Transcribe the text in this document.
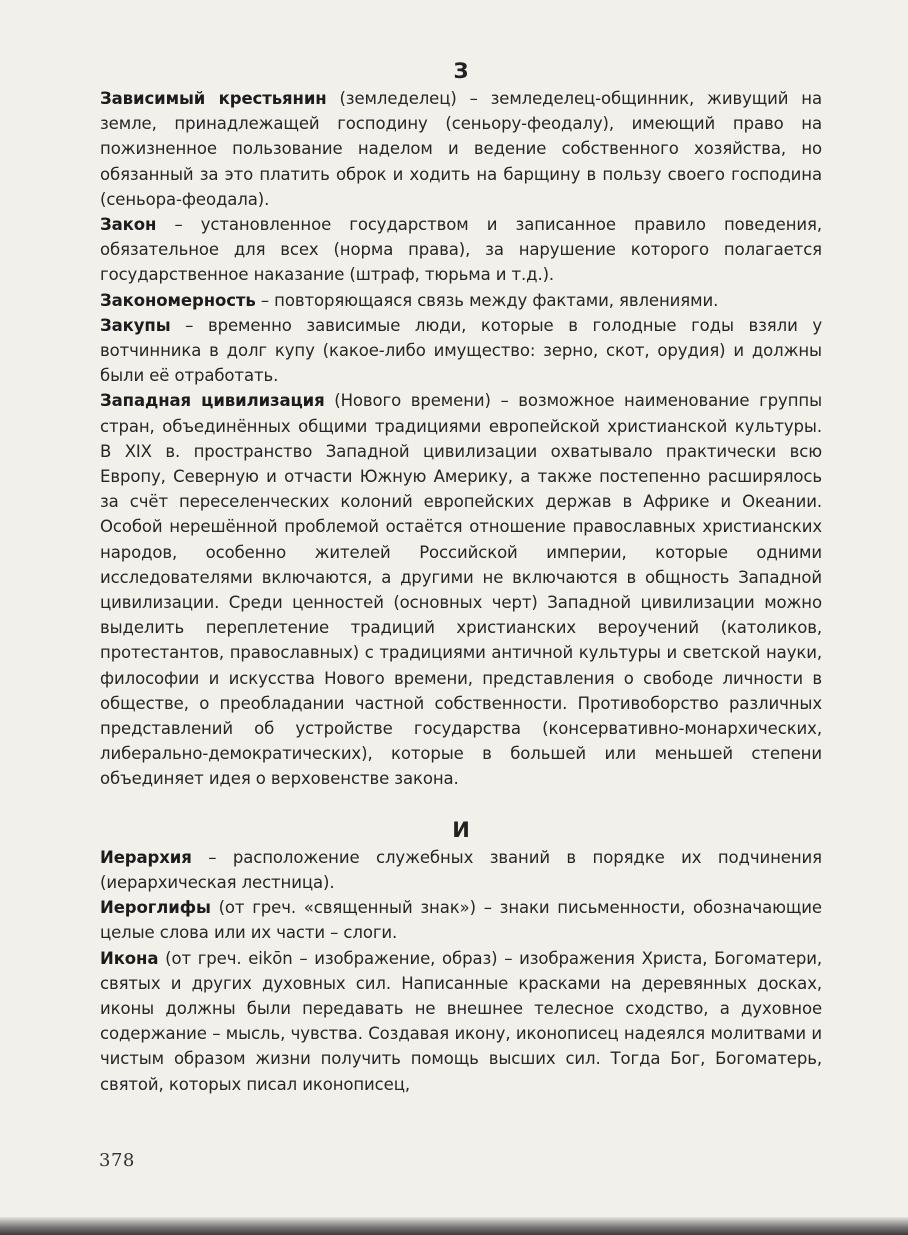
З

Зависимый крестьянин (земледелец) – земледелец-общинник, живущий на земле, принадлежащей господину (сеньору-феодалу), имеющий право на пожизненное пользование наделом и ведение собственного хозяйства, но обязанный за это платить оброк и ходить на барщину в пользу своего господина (сеньора-феодала).

Закон – установленное государством и записанное правило поведения, обязательное для всех (норма права), за нарушение которого полагается государственное наказание (штраф, тюрьма и т.д.).

Закономерность – повторяющаяся связь между фактами, явлениями.

Закупы – временно зависимые люди, которые в голодные годы взяли у вотчинника в долг купу (какое-либо имущество: зерно, скот, орудия) и должны были её отработать.

Западная цивилизация (Нового времени) – возможное наименование группы стран, объединённых общими традициями европейской христианской культуры. В XIX в. пространство Западной цивилизации охватывало практически всю Европу, Северную и отчасти Южную Америку, а также постепенно расширялось за счёт переселенческих колоний европейских держав в Африке и Океании. Особой нерешённой проблемой остаётся отношение православных христианских народов, особенно жителей Российской империи, которые одними исследователями включаются, а другими не включаются в общность Западной цивилизации. Среди ценностей (основных черт) Западной цивилизации можно выделить переплетение традиций христианских вероучений (католиков, протестантов, православных) с традициями античной культуры и светской науки, философии и искусства Нового времени, представления о свободе личности в обществе, о преобладании частной собственности. Противоборство различных представлений об устройстве государства (консервативно-монархических, либерально-демократических), которые в большей или меньшей степени объединяет идея о верховенстве закона.

И

Иерархия – расположение служебных званий в порядке их подчинения (иерархическая лестница).

Иероглифы (от греч. «священный знак») – знаки письменности, обозначающие целые слова или их части – слоги.

Икона (от греч. eikōn – изображение, образ) – изображения Христа, Богоматери, святых и других духовных сил. Написанные красками на деревянных досках, иконы должны были передавать не внешнее телесное сходство, а духовное содержание – мысль, чувства. Создавая икону, иконописец надеялся молитвами и чистым образом жизни получить помощь высших сил. Тогда Бог, Богоматерь, святой, которых писал иконописец,

378
